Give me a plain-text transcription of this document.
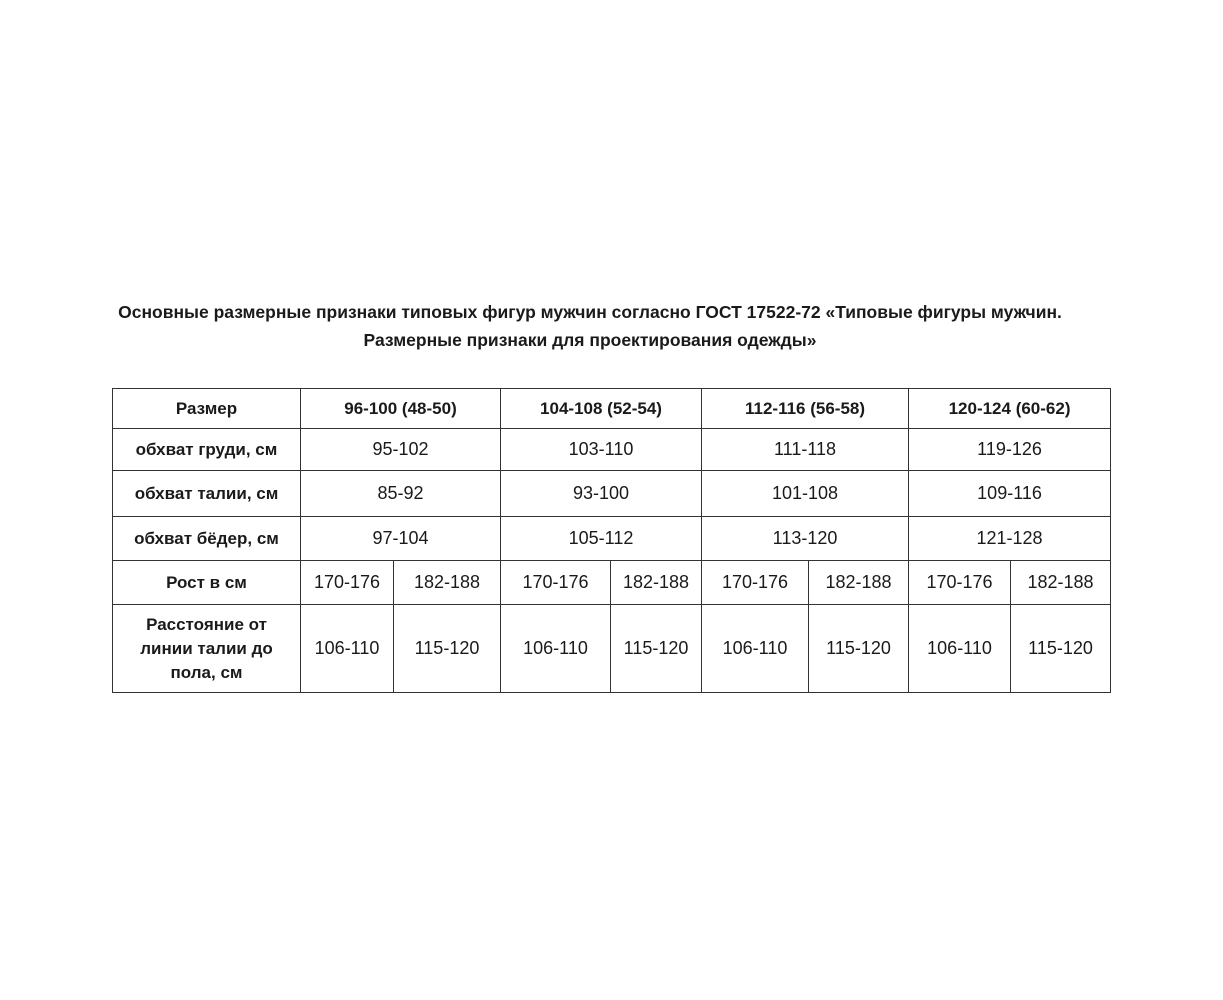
Основные размерные признаки типовых фигур мужчин согласно ГОСТ 17522-72 «Типовые фигуры мужчин.
Размерные признаки для проектирования одежды»
Размер	96-100 (48-50)		104-108 (52-54)		112-116 (56-58)		120-124 (60-62)	
обхват груди, см	95-102		103-110		111-118		119-126	
обхват талии, см	85-92		93-100		101-108		109-116	
обхват бёдер, см	97-104		105-112		113-120		121-128	
Рост в см	170-176	182-188	170-176	182-188	170-176	182-188	170-176	182-188

Расстояние от
линии талии до
пола, см	106-110	115-120	106-110	115-120	106-110	115-120	106-110	115-120
